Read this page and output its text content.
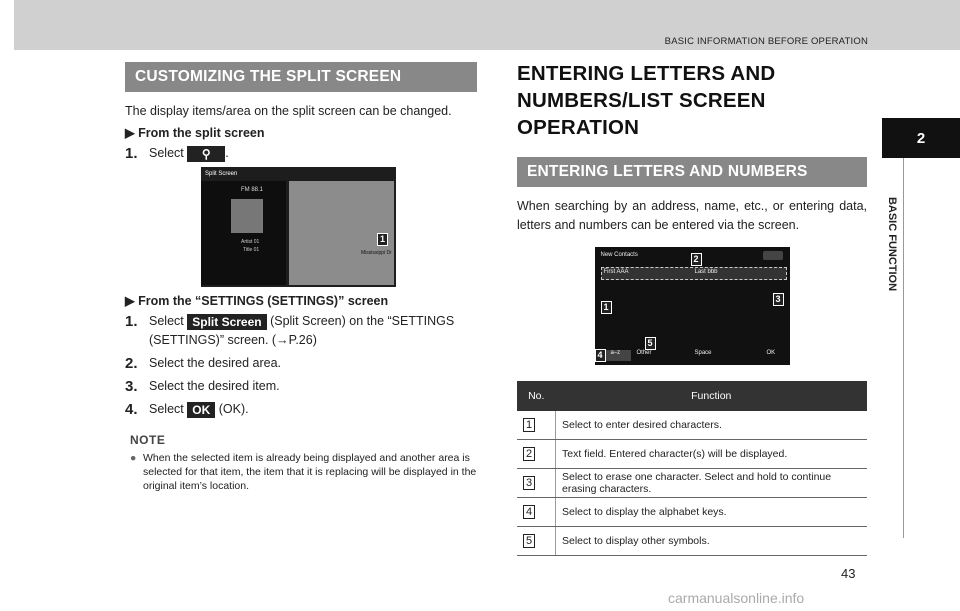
BASIC INFORMATION BEFORE OPERATION
2
BASIC FUNCTION
CUSTOMIZING THE SPLIT SCREEN
The display items/area on the split screen can be changed.
▶ From the split screen
1. Select ⚲ .
Split Screen
FM 88.1
Artist 01
Title 01	Mississippi Dr
1
▶ From the “SETTINGS (SETTINGS)” screen
1. Select Split Screen (Split Screen) on the “SETTINGS (SETTINGS)” screen. (→P.26)
2. Select the desired area.
3. Select the desired item.
4. Select OK (OK).
NOTE
● When the selected item is already being displayed and another area is selected for that item, the item that it is replacing will be displayed in the original item’s location.
ENTERING LETTERS AND
NUMBERS/LIST SCREEN
OPERATION
ENTERING LETTERS AND NUMBERS
When searching by an address, name, etc., or entering data, letters and numbers can be entered via the screen.
New Contacts
First AAA	Last bbb
a–z	Other	Space	OK
2
3
1
4
5
No.	Function
1	Select to enter desired characters.
2	Text field. Entered character(s) will be displayed.
3	Select to erase one character. Select and hold to continue erasing characters.
4	Select to display the alphabet keys.
5	Select to display other symbols.
43
carmanualsonline.info
